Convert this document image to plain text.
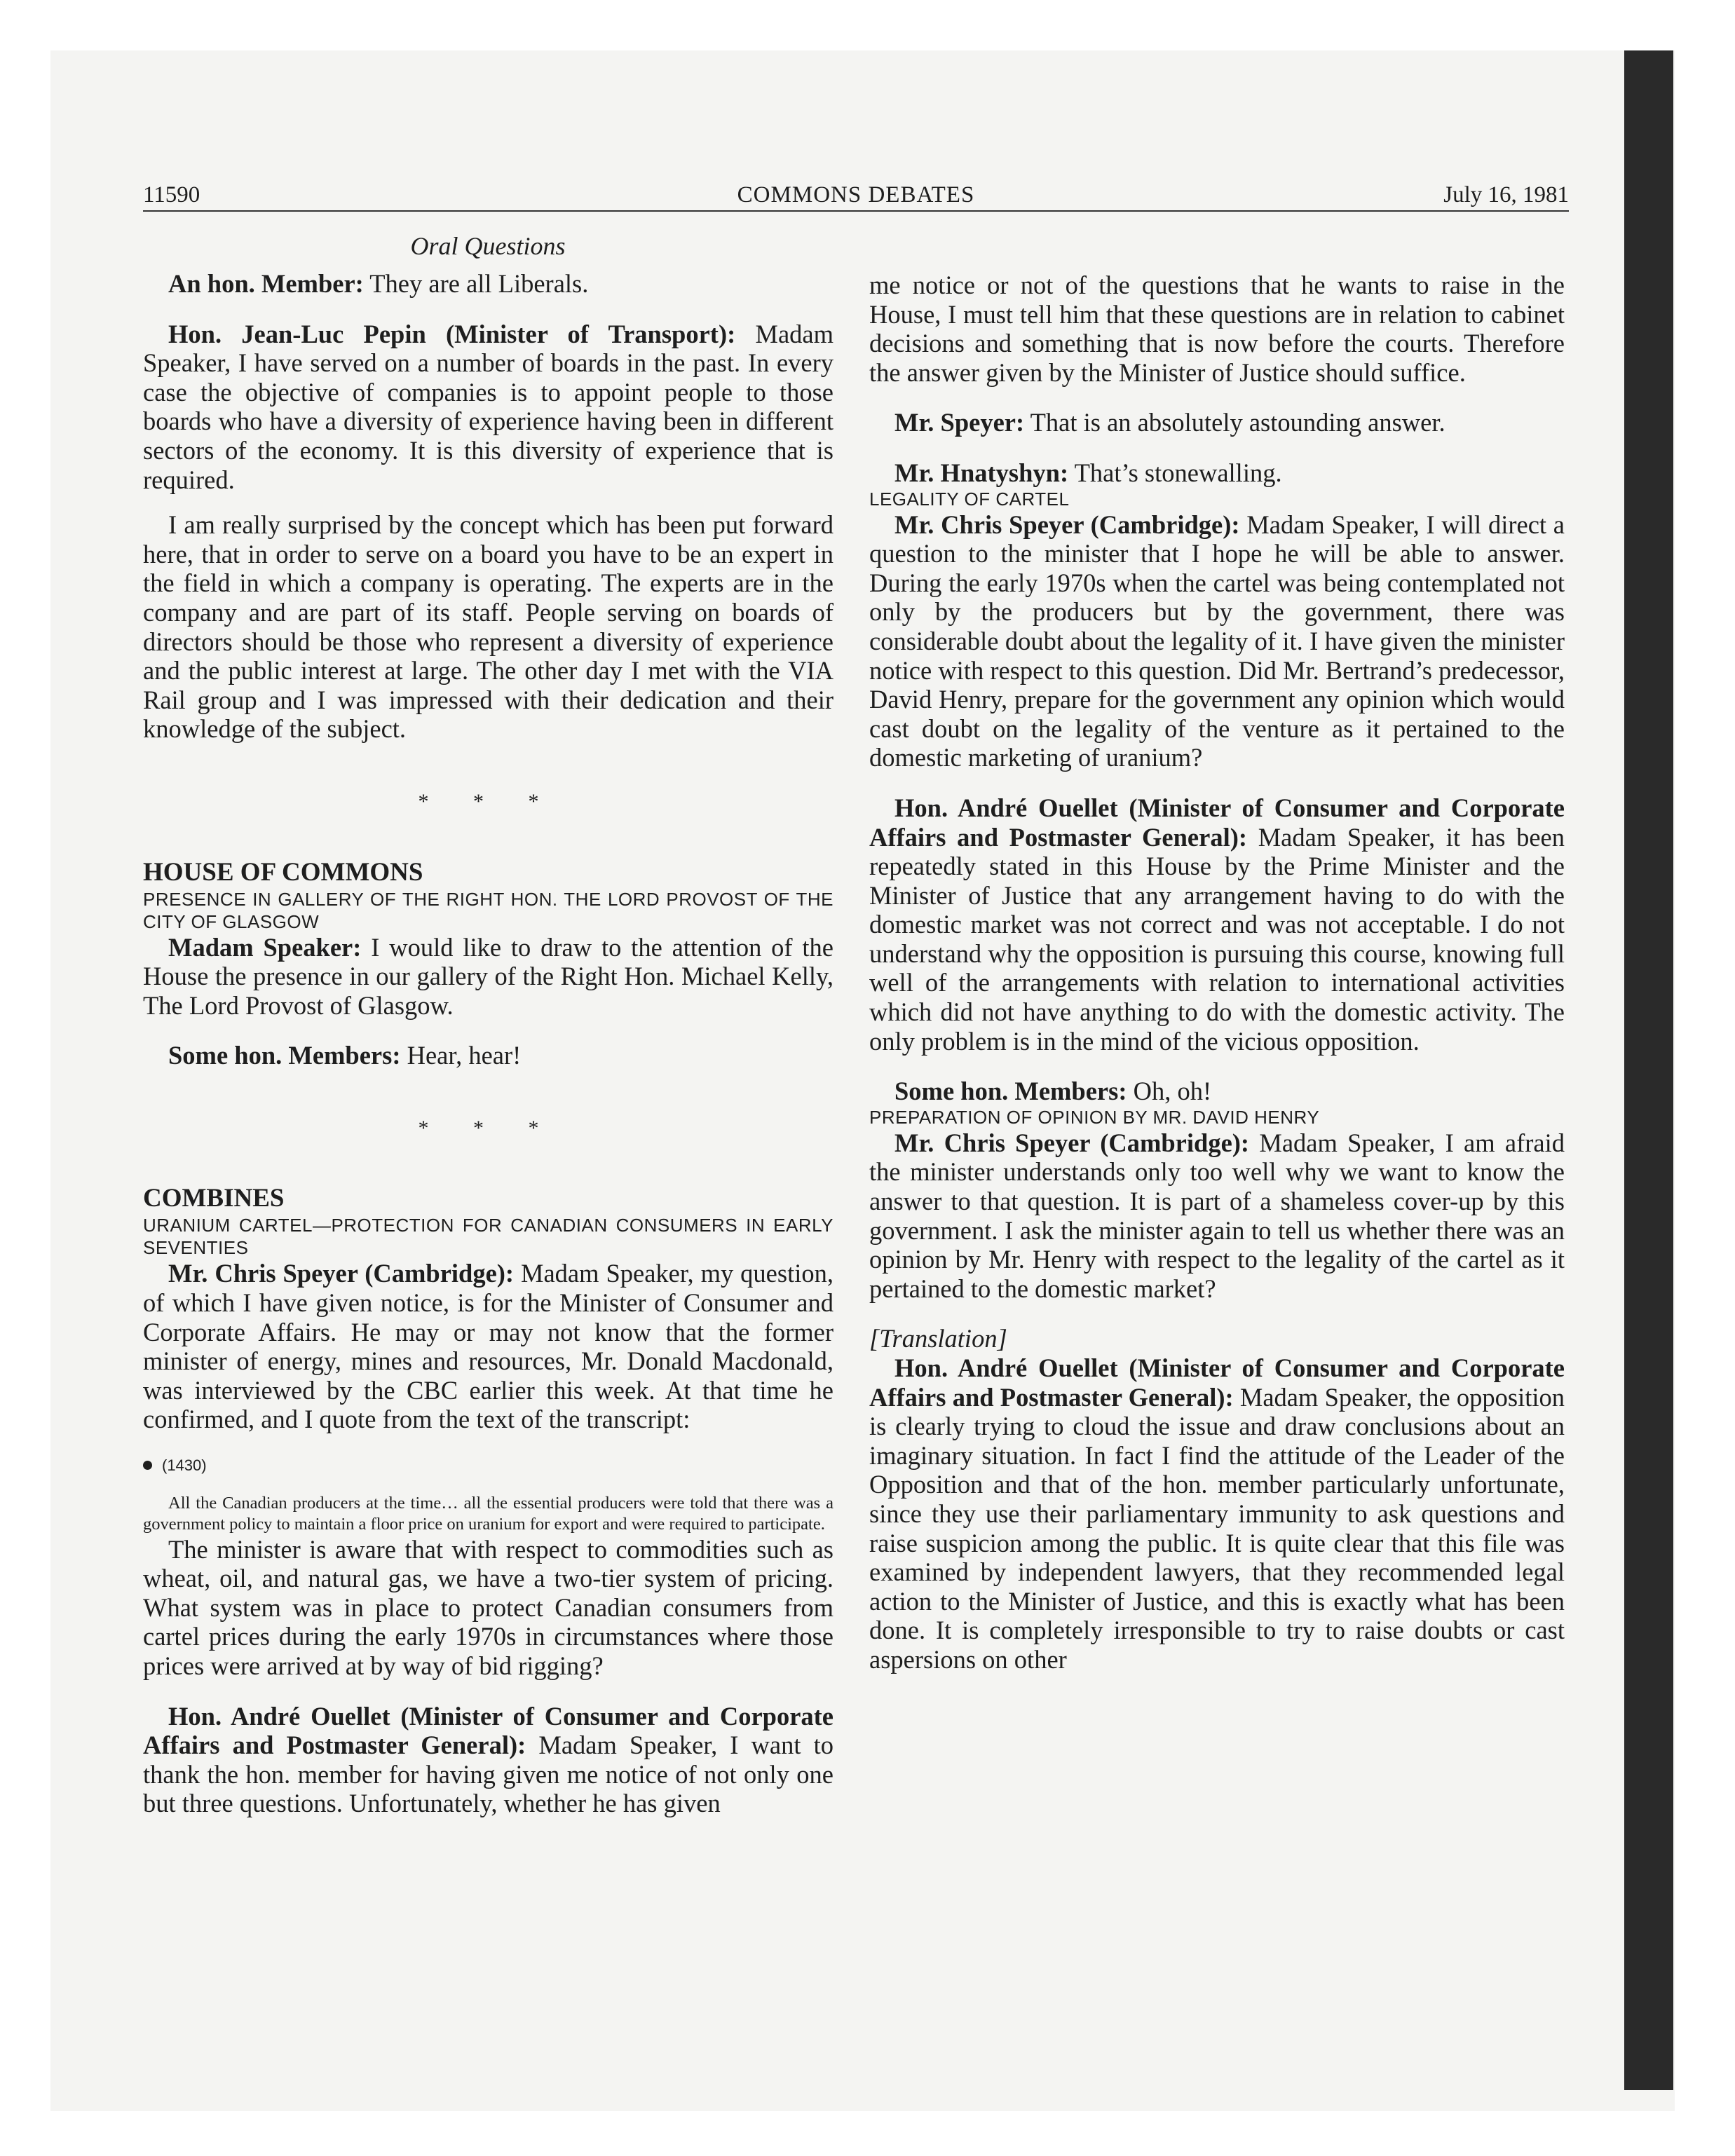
11590	COMMONS DEBATES	July 16, 1981
Oral Questions

An hon. Member: They are all Liberals.

Hon. Jean-Luc Pepin (Minister of Transport): Madam Speaker, I have served on a number of boards in the past. In every case the objective of companies is to appoint people to those boards who have a diversity of experience having been in different sectors of the economy. It is this diversity of experience that is required.

I am really surprised by the concept which has been put forward here, that in order to serve on a board you have to be an expert in the field in which a company is operating. The experts are in the company and are part of its staff. People serving on boards of directors should be those who represent a diversity of experience and the public interest at large. The other day I met with the VIA Rail group and I was impressed with their dedication and their knowledge of the subject.

* * *

HOUSE OF COMMONS

PRESENCE IN GALLERY OF THE RIGHT HON. THE LORD PROVOST OF THE CITY OF GLASGOW

Madam Speaker: I would like to draw to the attention of the House the presence in our gallery of the Right Hon. Michael Kelly, The Lord Provost of Glasgow.

Some hon. Members: Hear, hear!

* * *

COMBINES

URANIUM CARTEL—PROTECTION FOR CANADIAN CONSUMERS IN EARLY SEVENTIES

Mr. Chris Speyer (Cambridge): Madam Speaker, my question, of which I have given notice, is for the Minister of Consumer and Corporate Affairs. He may or may not know that the former minister of energy, mines and resources, Mr. Donald Macdonald, was interviewed by the CBC earlier this week. At that time he confirmed, and I quote from the text of the transcript:

(1430)

All the Canadian producers at the time… all the essential producers were told that there was a government policy to maintain a floor price on uranium for export and were required to participate.

The minister is aware that with respect to commodities such as wheat, oil, and natural gas, we have a two-tier system of pricing. What system was in place to protect Canadian consumers from cartel prices during the early 1970s in circumstances where those prices were arrived at by way of bid rigging?

Hon. André Ouellet (Minister of Consumer and Corporate Affairs and Postmaster General): Madam Speaker, I want to thank the hon. member for having given me notice of not only one but three questions. Unfortunately, whether he has given

me notice or not of the questions that he wants to raise in the House, I must tell him that these questions are in relation to cabinet decisions and something that is now before the courts. Therefore the answer given by the Minister of Justice should suffice.

Mr. Speyer: That is an absolutely astounding answer.

Mr. Hnatyshyn: That’s stonewalling.

LEGALITY OF CARTEL

Mr. Chris Speyer (Cambridge): Madam Speaker, I will direct a question to the minister that I hope he will be able to answer. During the early 1970s when the cartel was being contemplated not only by the producers but by the government, there was considerable doubt about the legality of it. I have given the minister notice with respect to this question. Did Mr. Bertrand’s predecessor, David Henry, prepare for the government any opinion which would cast doubt on the legality of the venture as it pertained to the domestic marketing of uranium?

Hon. André Ouellet (Minister of Consumer and Corporate Affairs and Postmaster General): Madam Speaker, it has been repeatedly stated in this House by the Prime Minister and the Minister of Justice that any arrangement having to do with the domestic market was not correct and was not acceptable. I do not understand why the opposition is pursuing this course, knowing full well of the arrangements with relation to international activities which did not have anything to do with the domestic activity. The only problem is in the mind of the vicious opposition.

Some hon. Members: Oh, oh!

PREPARATION OF OPINION BY MR. DAVID HENRY

Mr. Chris Speyer (Cambridge): Madam Speaker, I am afraid the minister understands only too well why we want to know the answer to that question. It is part of a shameless cover-up by this government. I ask the minister again to tell us whether there was an opinion by Mr. Henry with respect to the legality of the cartel as it pertained to the domestic market?

[Translation]

Hon. André Ouellet (Minister of Consumer and Corporate Affairs and Postmaster General): Madam Speaker, the opposition is clearly trying to cloud the issue and draw conclusions about an imaginary situation. In fact I find the attitude of the Leader of the Opposition and that of the hon. member particularly unfortunate, since they use their parliamentary immunity to ask questions and raise suspicion among the public. It is quite clear that this file was examined by independent lawyers, that they recommended legal action to the Minister of Justice, and this is exactly what has been done. It is completely irresponsible to try to raise doubts or cast aspersions on other
